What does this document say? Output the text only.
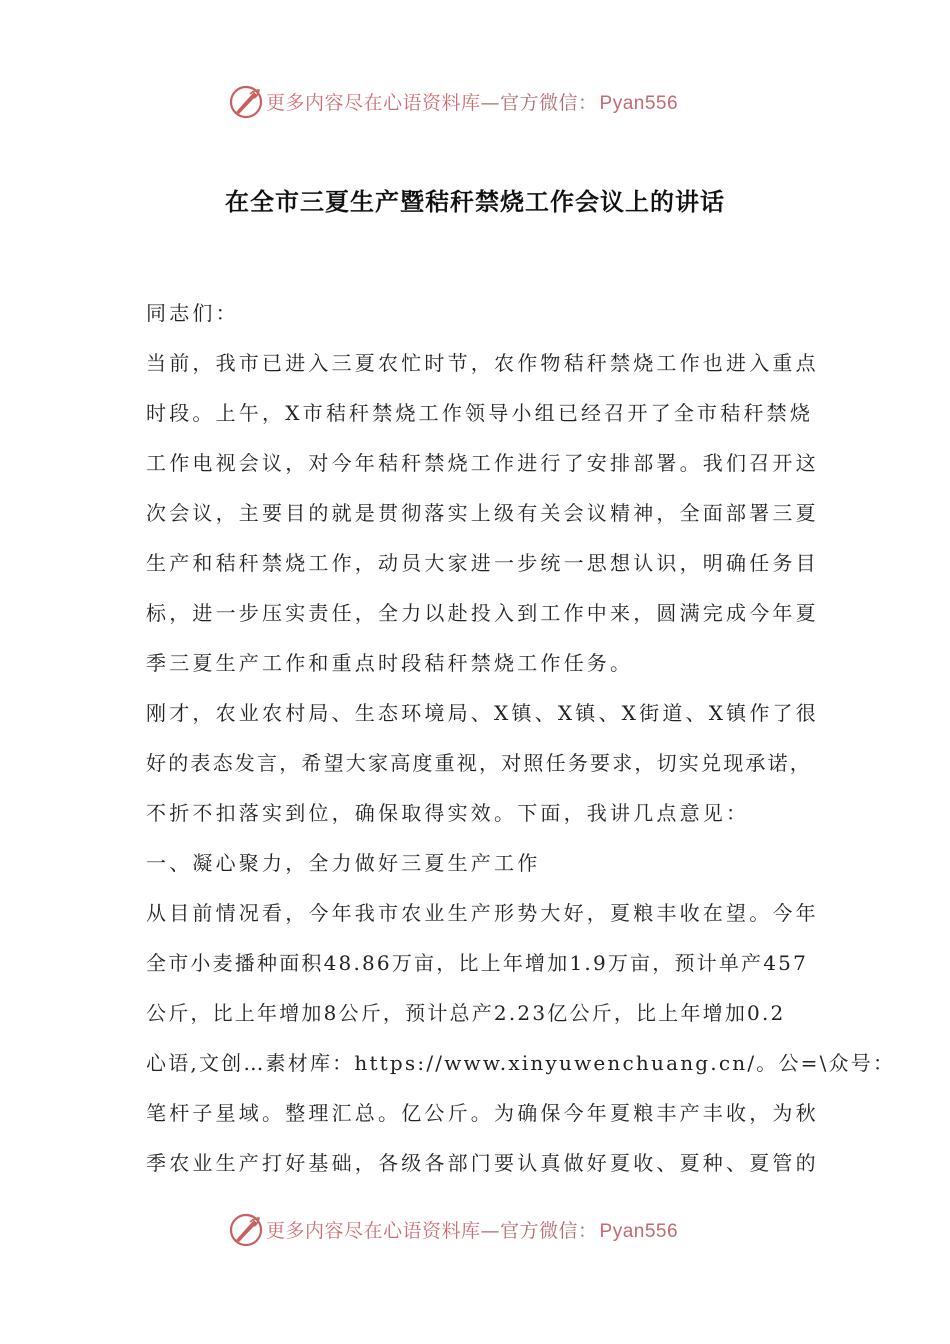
更多内容尽在心语资料库—官方微信： Pyan556
在全市三夏生产暨秸秆禁烧工作会议上的讲话
同志们：
当前，我市已进入三夏农忙时节，农作物秸秆禁烧工作也进入重点
时段。上午，X市秸秆禁烧工作领导小组已经召开了全市秸秆禁烧
工作电视会议，对今年秸秆禁烧工作进行了安排部署。我们召开这
次会议，主要目的就是贯彻落实上级有关会议精神，全面部署三夏
生产和秸秆禁烧工作，动员大家进一步统一思想认识，明确任务目
标，进一步压实责任，全力以赴投入到工作中来，圆满完成今年夏
季三夏生产工作和重点时段秸秆禁烧工作任务。
刚才，农业农村局、生态环境局、X镇、X镇、X街道、X镇作了很
好的表态发言，希望大家高度重视，对照任务要求，切实兑现承诺，
不折不扣落实到位，确保取得实效。下面，我讲几点意见：
一、凝心聚力，全力做好三夏生产工作
从目前情况看，今年我市农业生产形势大好，夏粮丰收在望。今年
全市小麦播种面积48.86万亩，比上年增加1.9万亩，预计单产457
公斤，比上年增加8公斤，预计总产2.23亿公斤，比上年增加0.2
心语,文创…素材库：https://www.xinyuwenchuang.cn/。公=\众号：
笔杆子星域。整理汇总。亿公斤。为确保今年夏粮丰产丰收，为秋
季农业生产打好基础，各级各部门要认真做好夏收、夏种、夏管的
更多内容尽在心语资料库—官方微信： Pyan556
